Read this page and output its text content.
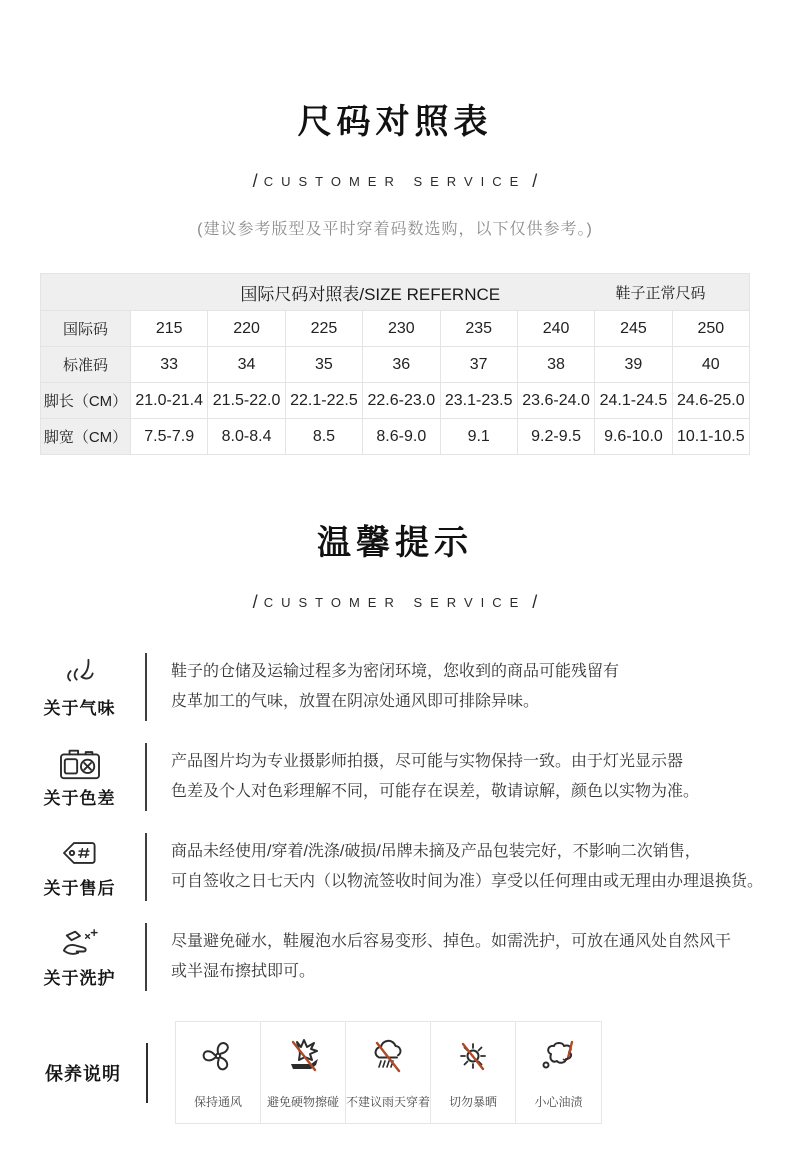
尺码对照表
/ CUSTOMER SERVICE /
(建议参考版型及平时穿着码数选购，以下仅供参考。)
国际尺码对照表/SIZE REFERNCE 鞋子正常尺码								

国际码	215	220	225	230	235	240	245	250
标准码	33	34	35	36	37	38	39	40
脚长（CM）	21.0-21.4	21.5-22.0	22.1-22.5	22.6-23.0	23.1-23.5	23.6-24.0	24.1-24.5	24.6-25.0
脚宽（CM）	7.5-7.9	8.0-8.4	8.5	8.6-9.0	9.1	9.2-9.5	9.6-10.0	10.1-10.5
温馨提示
/ CUSTOMER SERVICE /
关于气味
鞋子的仓储及运输过程多为密闭环境，您收到的商品可能残留有
皮革加工的气味，放置在阴凉处通风即可排除异味。
关于色差
产品图片均为专业摄影师拍摄，尽可能与实物保持一致。由于灯光显示器
色差及个人对色彩理解不同，可能存在误差，敬请谅解，颜色以实物为准。
关于售后
商品未经使用/穿着/洗涤/破损/吊牌未摘及产品包装完好，不影响二次销售，
可自签收之日七天内（以物流签收时间为准）享受以任何理由或无理由办理退换货。
关于洗护
尽量避免碰水，鞋履泡水后容易变形、掉色。如需洗护，可放在通风处自然风干
或半湿布擦拭即可。
保养说明
保持通风 避免硬物擦碰 不建议雨天穿着 切勿暴晒	小心油渍
